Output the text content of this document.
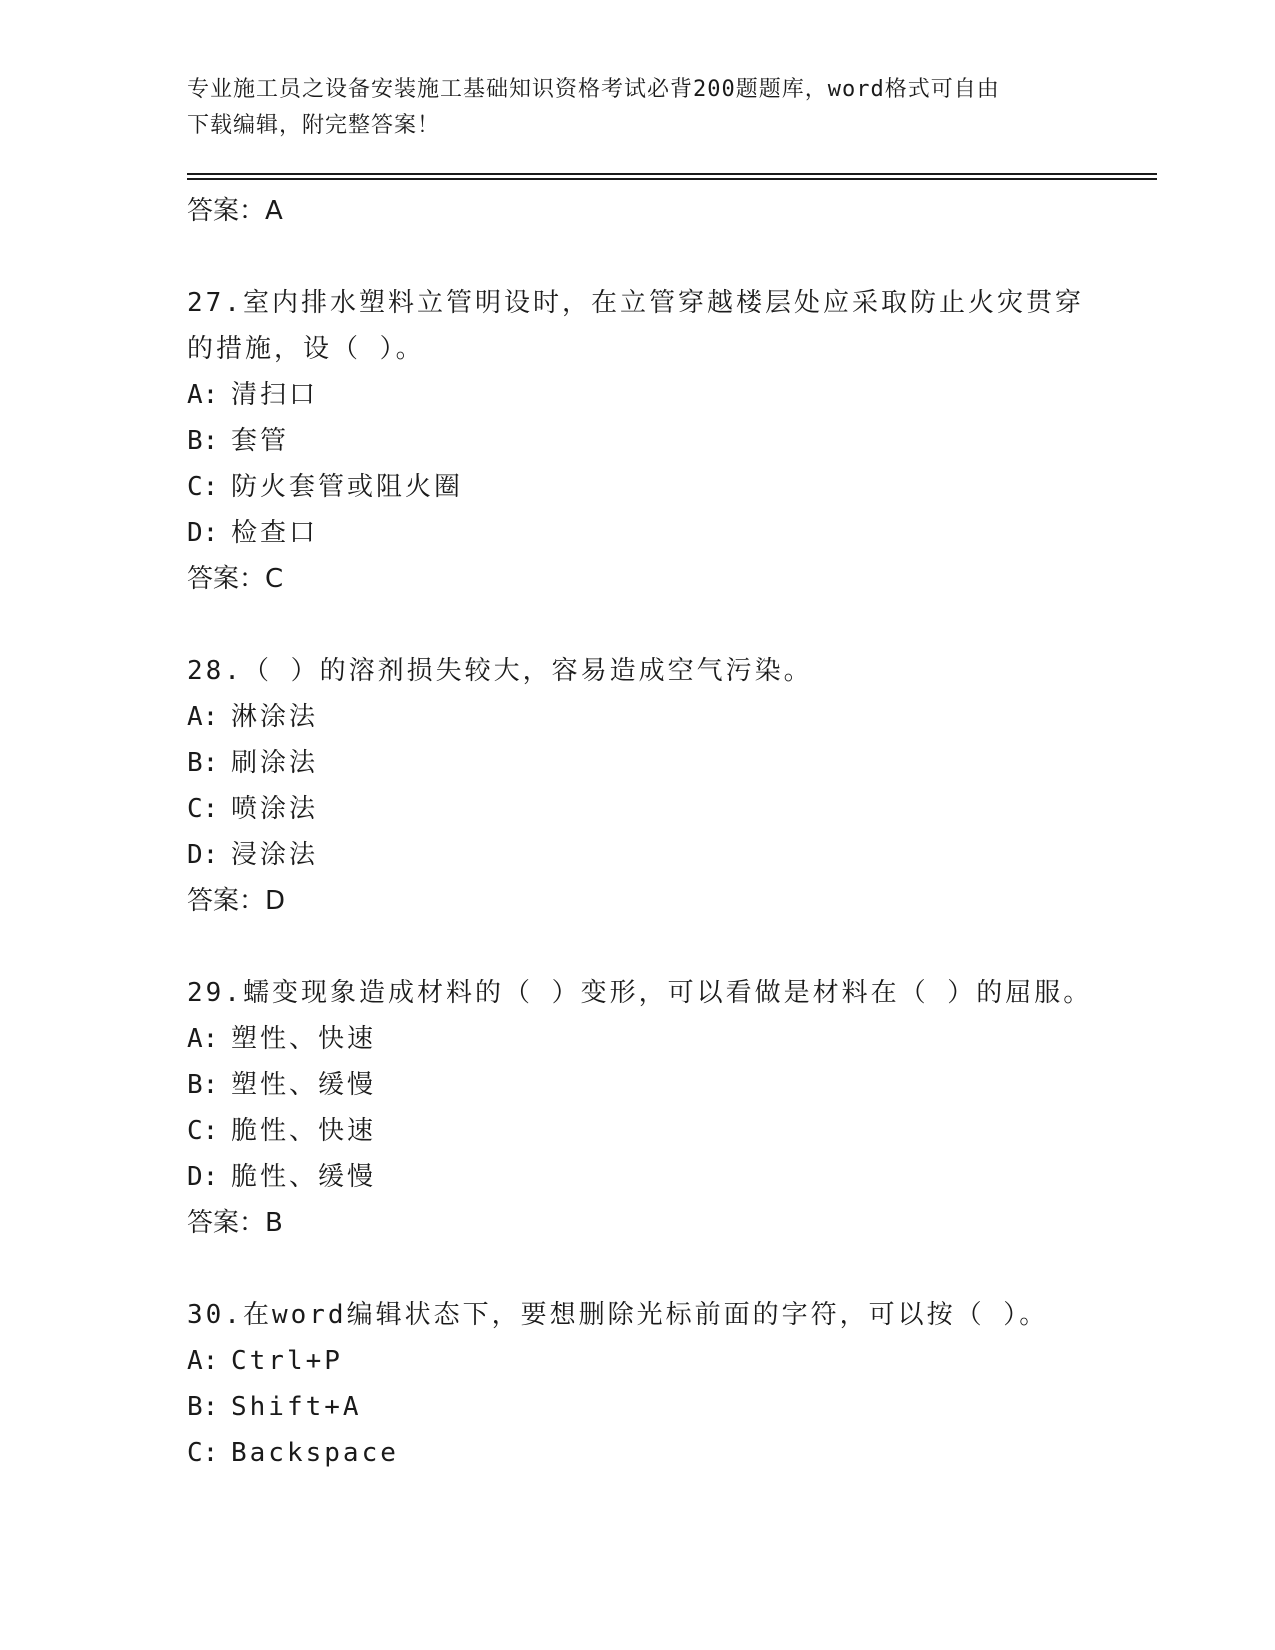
专业施工员之设备安装施工基础知识资格考试必背200题题库，word格式可自由
下载编辑，附完整答案！
答案：A

27.室内排水塑料立管明设时，在立管穿越楼层处应采取防止火灾贯穿
的措施，设（ ）。

A: 清扫口
B: 套管
C: 防火套管或阻火圈
D: 检查口
答案：C

28.（ ）的溶剂损失较大，容易造成空气污染。

A: 淋涂法
B: 刷涂法
C: 喷涂法
D: 浸涂法
答案：D

29.蠕变现象造成材料的（ ）变形，可以看做是材料在（ ）的屈服。

A: 塑性、快速
B: 塑性、缓慢
C: 脆性、快速
D: 脆性、缓慢
答案：B

30.在word编辑状态下，要想删除光标前面的字符，可以按（ ）。

A: Ctrl+P
B: Shift+A
C: Backspace
